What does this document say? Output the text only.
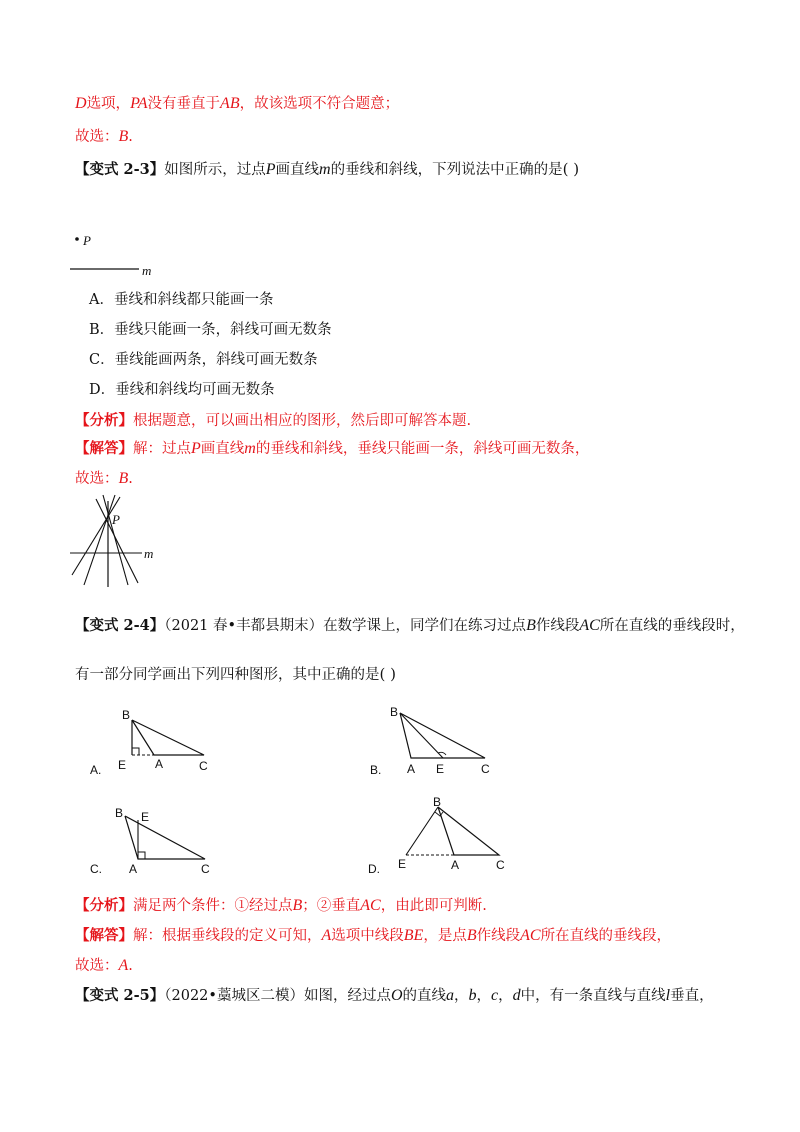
D选项，PA没有垂直于AB，故该选项不符合题意；
故选：B.
【变式 2-3】如图所示，过点P画直线m的垂线和斜线，下列说法中正确的是( )
P
m
A．垂线和斜线都只能画一条
B．垂线只能画一条，斜线可画无数条
C．垂线能画两条，斜线可画无数条
D．垂线和斜线均可画无数条
【分析】根据题意，可以画出相应的图形，然后即可解答本题.
【解答】解：过点P画直线m的垂线和斜线，垂线只能画一条，斜线可画无数条，
故选：B.
m
P
【变式 2-4】（2021 春•丰都县期末）在数学课上，同学们在练习过点B作线段AC所在直线的垂线段时，
有一部分同学画出下列四种图形，其中正确的是( )
A.
B
E A	C	B.
B
A E	C
C.
B E
A	C	D.
B
E	A	C
【分析】满足两个条件：①经过点B；②垂直AC，由此即可判断.
【解答】解：根据垂线段的定义可知，A选项中线段BE，是点B作线段AC所在直线的垂线段，
故选：A.
【变式 2-5】（2022•藁城区二模）如图，经过点O的直线a，b，c，d中，有一条直线与直线l垂直，
